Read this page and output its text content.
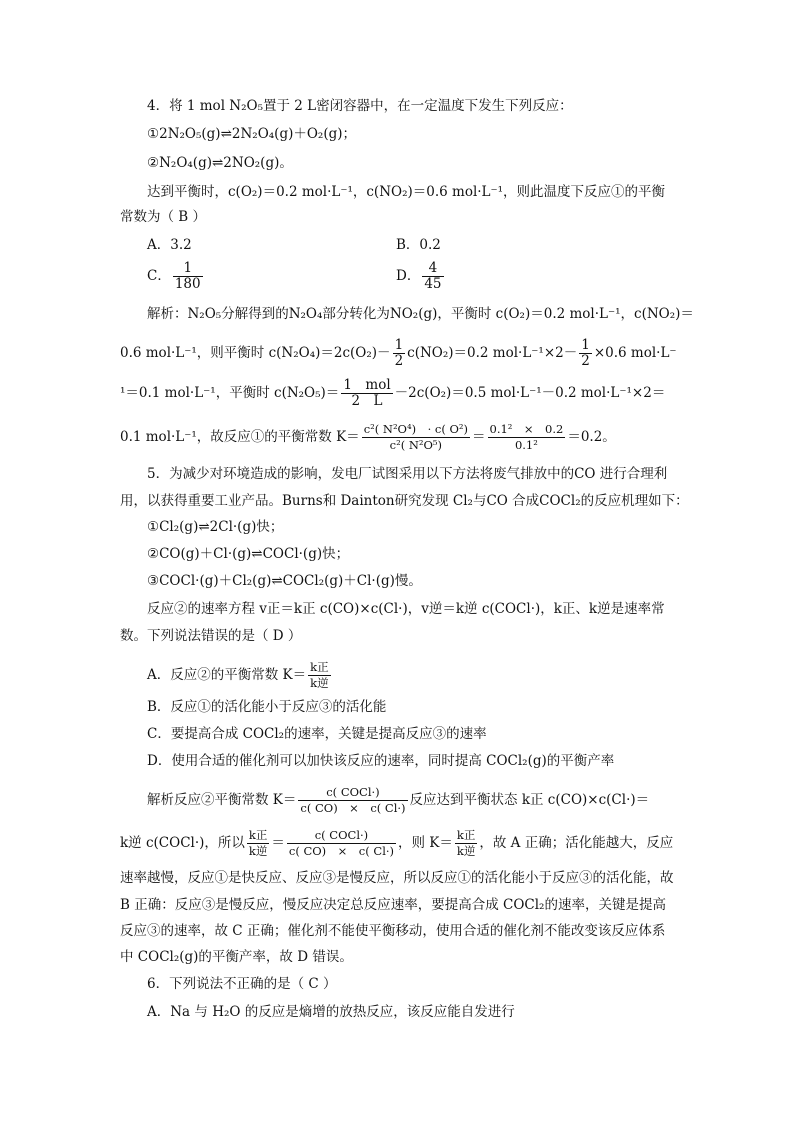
4．将 1 mol N₂O₅置于 2 L密闭容器中，在一定温度下发生下列反应：
①2N₂O₅(g)⇌2N₂O₄(g)＋O₂(g)；
②N₂O₄(g)⇌2NO₂(g)。
达到平衡时，c(O₂)＝0.2 mol·L⁻¹，c(NO₂)＝0.6 mol·L⁻¹，则此温度下反应①的平衡
常数为（ B ）
A．3.2	B．0.2
C． $\frac{1}{180}$	D． $\frac{4}{45}$
解析：N₂O₅分解得到的N₂O₄部分转化为NO₂(g)，平衡时 c(O₂)＝0.2 mol·L⁻¹，c(NO₂)＝
0.6 mol·L⁻¹，则平衡时 $c(N_2O_4)=2c(O_2)- \frac{1}{2} c(NO_2)=0.2$ $mol\cdot L^{-1}\times 2- \frac{1}{2} \times 0.6$ mol·L⁻
¹＝0.1 mol·L⁻¹，平衡时 $c(N_2O_5)= \frac{\text{1　mol}}{2 L} -2c(O_2)=0.5$ mol·L⁻¹－0.2 mol·L⁻¹×2＝
0.1 mol·L⁻¹，故反应①的平衡常数 $K= \frac{\text{c²( N²O⁴)　· c( O²)}}{\text{c²( N²O⁵)}} = \frac{\text{0.1²　×　0.2}}{\text{0.1²}} =0.2$。
5．为减少对环境造成的影响，发电厂试图采用以下方法将废气排放中的CO 进行合理利
用，以获得重要工业产品。Burns和 Dainton研究发现 Cl₂与CO 合成COCl₂的反应机理如下：
①Cl₂(g)⇌2Cl·(g)快；
②CO(g)＋Cl·(g)⇌COCl·(g)快；
③COCl·(g)＋Cl₂(g)⇌COCl₂(g)＋Cl·(g)慢。
反应②的速率方程 v正＝k正 c(CO)×c(Cl·)，v逆＝k逆 c(COCl·)，k正、k逆是速率常
数。下列说法错误的是（ D ）
A．反应②的平衡常数 $K= \frac{\text{k正}}{\text{k逆}}$
B．反应①的活化能小于反应③的活化能
C．要提高合成 COCl₂的速率，关键是提高反应③的速率
D．使用合适的催化剂可以加快该反应的速率，同时提高 COCl₂(g)的平衡产率
解析反应②平衡常数 $K= \frac{\text{c( COCl·)}}{c( CO) \times c( Cl\cdot)}$ 反应达到平衡状态 k正 c(CO)×c(Cl·)＝
k逆 c(COCl·)，所以 $\frac{\text{k正}}{\text{k逆}} = \frac{\text{c( COCl·)}}{c( CO) \times c( Cl\cdot)}$ ，则 $K= \frac{\text{k正}}{\text{k逆}}$ ，故 A 正确；活化能越大，反应
速率越慢，反应①是快反应、反应③是慢反应，所以反应①的活化能小于反应③的活化能，故
B 正确：反应③是慢反应，慢反应决定总反应速率，要提高合成 COCl₂的速率，关键是提高
反应③的速率，故 C 正确；催化剂不能使平衡移动，使用合适的催化剂不能改变该反应体系
中 COCl₂(g)的平衡产率，故 D 错误。
6．下列说法不正确的是（ C ）
A．Na 与 H₂O 的反应是熵增的放热反应，该反应能自发进行
